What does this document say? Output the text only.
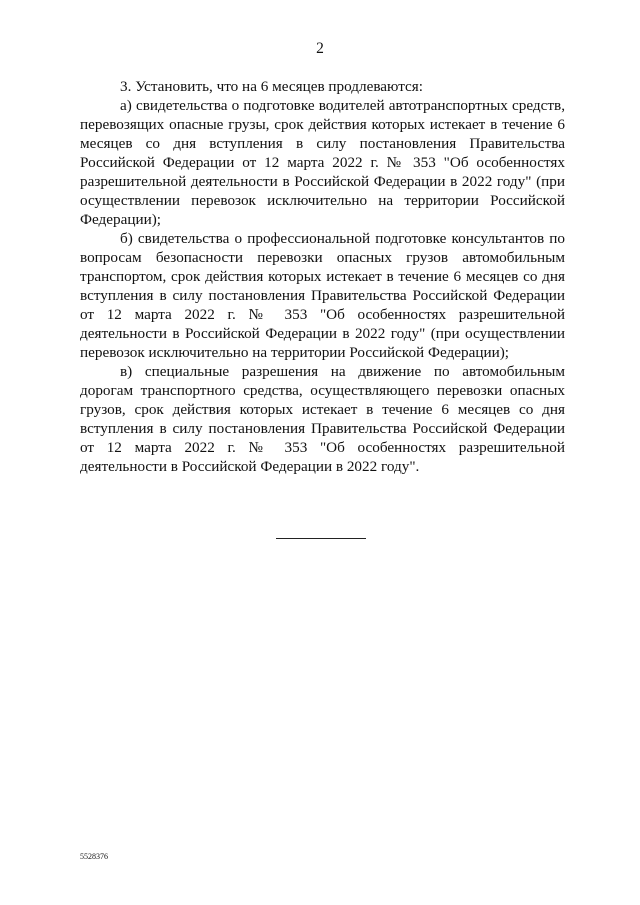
2

3. Установить, что на 6 месяцев продлеваются:

а) свидетельства о подготовке водителей автотранспортных средств, перевозящих опасные грузы, срок действия которых истекает в течение 6 месяцев со дня вступления в силу постановления Правительства Российской Федерации от 12 марта 2022 г. № 353 "Об особенностях разрешительной деятельности в Российской Федерации в 2022 году" (при осуществлении перевозок исключительно на территории Российской Федерации);

б) свидетельства о профессиональной подготовке консультантов по вопросам безопасности перевозки опасных грузов автомобильным транспортом, срок действия которых истекает в течение 6 месяцев со дня вступления в силу постановления Правительства Российской Федерации от 12 марта 2022 г. № 353 "Об особенностях разрешительной деятельности в Российской Федерации в 2022 году" (при осуществлении перевозок исключительно на территории Российской Федерации);

в) специальные разрешения на движение по автомобильным дорогам транспортного средства, осуществляющего перевозки опасных грузов, срок действия которых истекает в течение 6 месяцев со дня вступления в силу постановления Правительства Российской Федерации

от 12 марта 2022 г. № 353 "Об особенностях разрешительной деятельности в Российской Федерации в 2022 году".

5528376
